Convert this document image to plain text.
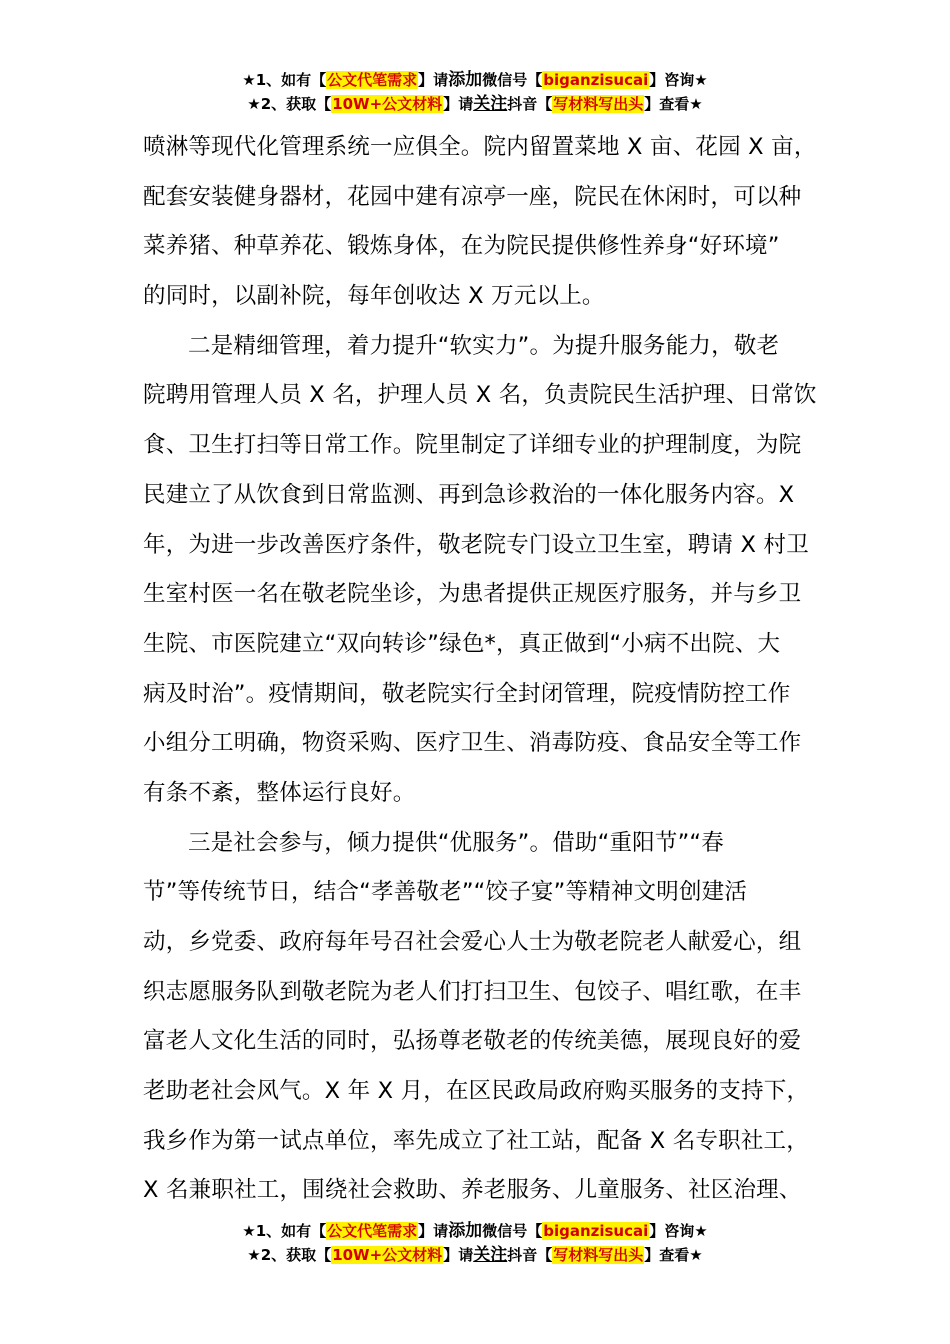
★1、如有【公文代笔需求】请添加微信号【biganzisucai】咨询★
★2、获取【10W+公文材料】请关注抖音【写材料写出头】查看★
喷淋等现代化管理系统一应俱全。院内留置菜地 X 亩、花园 X 亩，
配套安装健身器材，花园中建有凉亭一座，院民在休闲时，可以种
菜养猪、种草养花、锻炼身体，在为院民提供修性养身“好环境”
的同时，以副补院，每年创收达 X 万元以上。
二是精细管理，着力提升“软实力”。为提升服务能力，敬老
院聘用管理人员 X 名，护理人员 X 名，负责院民生活护理、日常饮
食、卫生打扫等日常工作。院里制定了详细专业的护理制度，为院
民建立了从饮食到日常监测、再到急诊救治的一体化服务内容。X
年，为进一步改善医疗条件，敬老院专门设立卫生室，聘请 X 村卫
生室村医一名在敬老院坐诊，为患者提供正规医疗服务，并与乡卫
生院、市医院建立“双向转诊”绿色*，真正做到“小病不出院、大
病及时治”。疫情期间，敬老院实行全封闭管理，院疫情防控工作
小组分工明确，物资采购、医疗卫生、消毒防疫、食品安全等工作
有条不紊，整体运行良好。
三是社会参与，倾力提供“优服务”。借助“重阳节”“春
节”等传统节日，结合“孝善敬老”“饺子宴”等精神文明创建活
动，乡党委、政府每年号召社会爱心人士为敬老院老人献爱心，组
织志愿服务队到敬老院为老人们打扫卫生、包饺子、唱红歌，在丰
富老人文化生活的同时，弘扬尊老敬老的传统美德，展现良好的爱
老助老社会风气。X 年 X 月，在区民政局政府购买服务的支持下，
我乡作为第一试点单位，率先成立了社工站，配备 X 名专职社工，
X 名兼职社工，围绕社会救助、养老服务、儿童服务、社区治理、
★1、如有【公文代笔需求】请添加微信号【biganzisucai】咨询★
★2、获取【10W+公文材料】请关注抖音【写材料写出头】查看★
